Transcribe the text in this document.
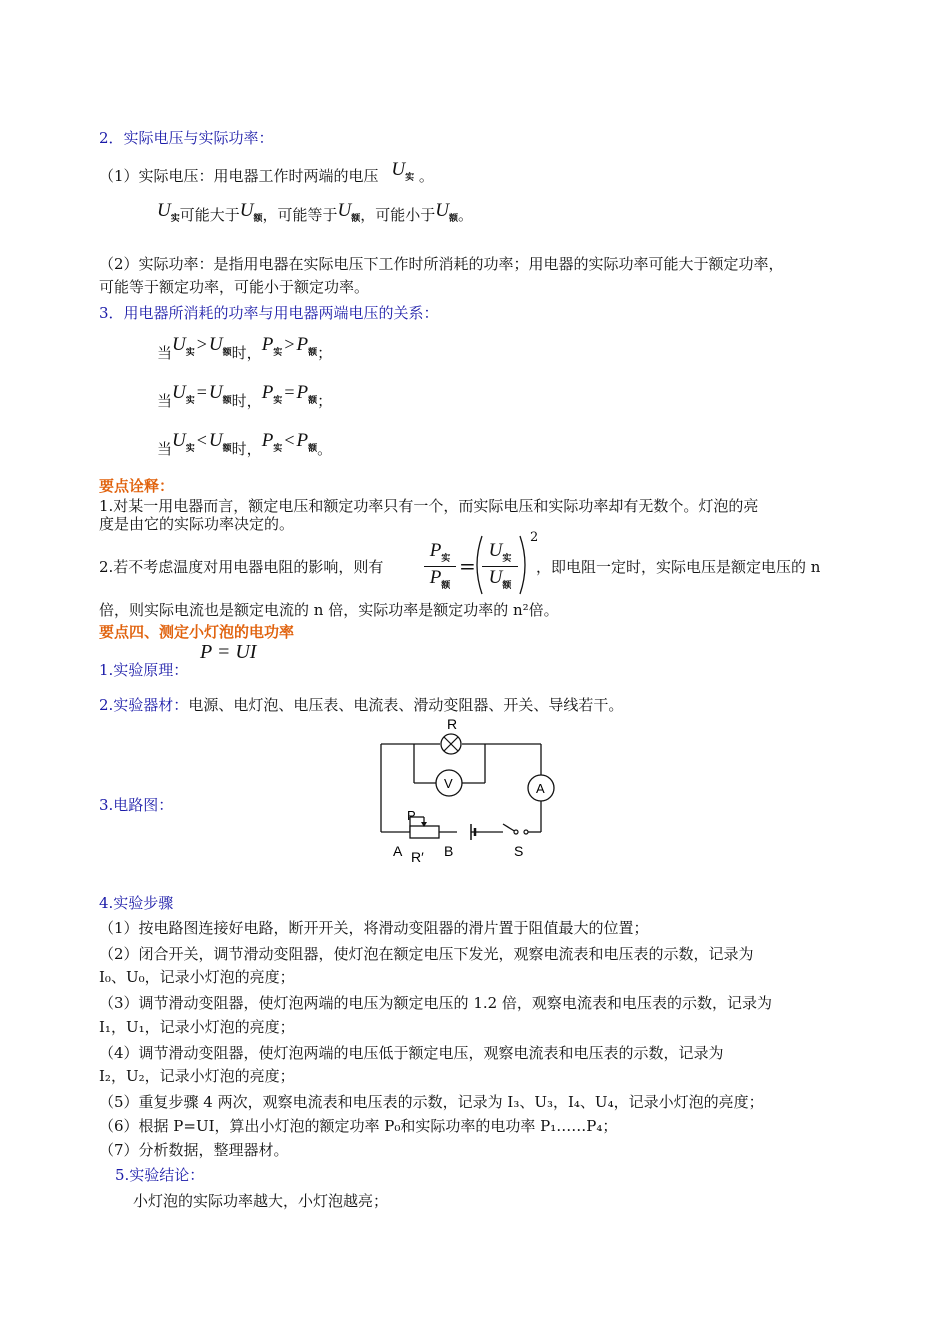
2．实际电压与实际功率：
（1）实际电压：用电器工作时两端的电压 $U_实$ 。
$U_实$可能大于$U_额$，可能等于$U_额$，可能小于$U_额$。
（2）实际功率：是指用电器在实际电压下工作时所消耗的功率；用电器的实际功率可能大于额定功率，
可能等于额定功率，可能小于额定功率。
3．用电器所消耗的功率与用电器两端电压的关系：
当$U_实 > U_额$时，$P_实 > P_额$；
当$U_实 = U_额$时，$P_实 = P_额$；
当$U_实 < U_额$时，$P_实 < P_额$。
要点诠释：
1.对某一用电器而言，额定电压和额定功率只有一个，而实际电压和实际功率却有无数个。灯泡的亮
度是由它的实际功率决定的。
2.若不考虑温度对用电器电阻的影响，则有
$P_实$
$P_额$
=
$U_实$
$U_额$
2
，即电阻一定时，实际电压是额定电压的 n
倍，则实际电流也是额定电流的 n 倍，实际功率是额定功率的 n²倍。
要点四、测定小灯泡的电功率
1.实验原理：
P = UI
2.实验器材：电源、电灯泡、电压表、电流表、滑动变阻器、开关、导线若干。
3.电路图：
R
V	A
P
A R′ B	S
4.实验步骤
（1）按电路图连接好电路，断开开关，将滑动变阻器的滑片置于阻值最大的位置；
（2）闭合开关，调节滑动变阻器，使灯泡在额定电压下发光，观察电流表和电压表的示数，记录为
I₀、U₀，记录小灯泡的亮度；
（3）调节滑动变阻器，使灯泡两端的电压为额定电压的 1.2 倍，观察电流表和电压表的示数，记录为
I₁，U₁，记录小灯泡的亮度；
（4）调节滑动变阻器，使灯泡两端的电压低于额定电压，观察电流表和电压表的示数，记录为
I₂，U₂，记录小灯泡的亮度；
（5）重复步骤 4 两次，观察电流表和电压表的示数，记录为 I₃、U₃，I₄、U₄，记录小灯泡的亮度；
（6）根据 P=UI，算出小灯泡的额定功率 P₀和实际功率的电功率 P₁……P₄；
（7）分析数据，整理器材。
5.实验结论：
小灯泡的实际功率越大，小灯泡越亮；
